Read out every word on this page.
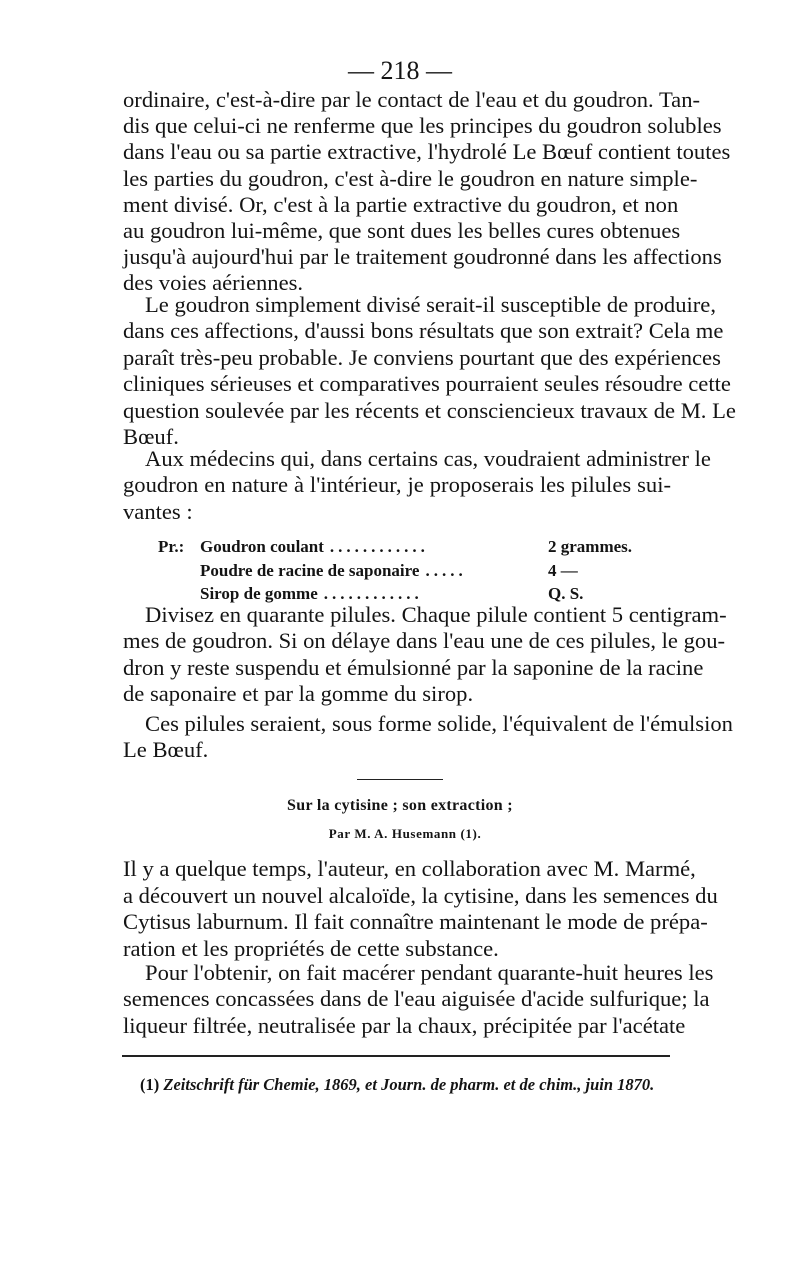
— 218 —
ordinaire, c'est-à-dire par le contact de l'eau et du goudron. Tan-
dis que celui-ci ne renferme que les principes du goudron solubles
dans l'eau ou sa partie extractive, l'hydrolé Le Bœuf contient toutes
les parties du goudron, c'est à-dire le goudron en nature simple-
ment divisé. Or, c'est à la partie extractive du goudron, et non
au goudron lui-même, que sont dues les belles cures obtenues
jusqu'à aujourd'hui par le traitement goudronné dans les affections
des voies aériennes.
Le goudron simplement divisé serait-il susceptible de produire,
dans ces affections, d'aussi bons résultats que son extrait? Cela me
paraît très-peu probable. Je conviens pourtant que des expériences
cliniques sérieuses et comparatives pourraient seules résoudre cette
question soulevée par les récents et consciencieux travaux de M. Le
Bœuf.
Aux médecins qui, dans certains cas, voudraient administrer le
goudron en nature à l'intérieur, je proposerais les pilules sui-
vantes :
Pr.: Goudron coulant ............	2 grammes.
Poudre de racine de saponaire .....	4 —
Sirop de gomme ............	Q. S.
Divisez en quarante pilules. Chaque pilule contient 5 centigram-
mes de goudron. Si on délaye dans l'eau une de ces pilules, le gou-
dron y reste suspendu et émulsionné par la saponine de la racine
de saponaire et par la gomme du sirop.
Ces pilules seraient, sous forme solide, l'équivalent de l'émulsion
Le Bœuf.
Sur la cytisine ; son extraction ;
Par M. A. Husemann (1).
Il y a quelque temps, l'auteur, en collaboration avec M. Marmé,
a découvert un nouvel alcaloïde, la cytisine, dans les semences du
Cytisus laburnum. Il fait connaître maintenant le mode de prépa-
ration et les propriétés de cette substance.
Pour l'obtenir, on fait macérer pendant quarante-huit heures les
semences concassées dans de l'eau aiguisée d'acide sulfurique; la
liqueur filtrée, neutralisée par la chaux, précipitée par l'acétate
(1) Zeitschrift für Chemie, 1869, et Journ. de pharm. et de chim., juin 1870.
